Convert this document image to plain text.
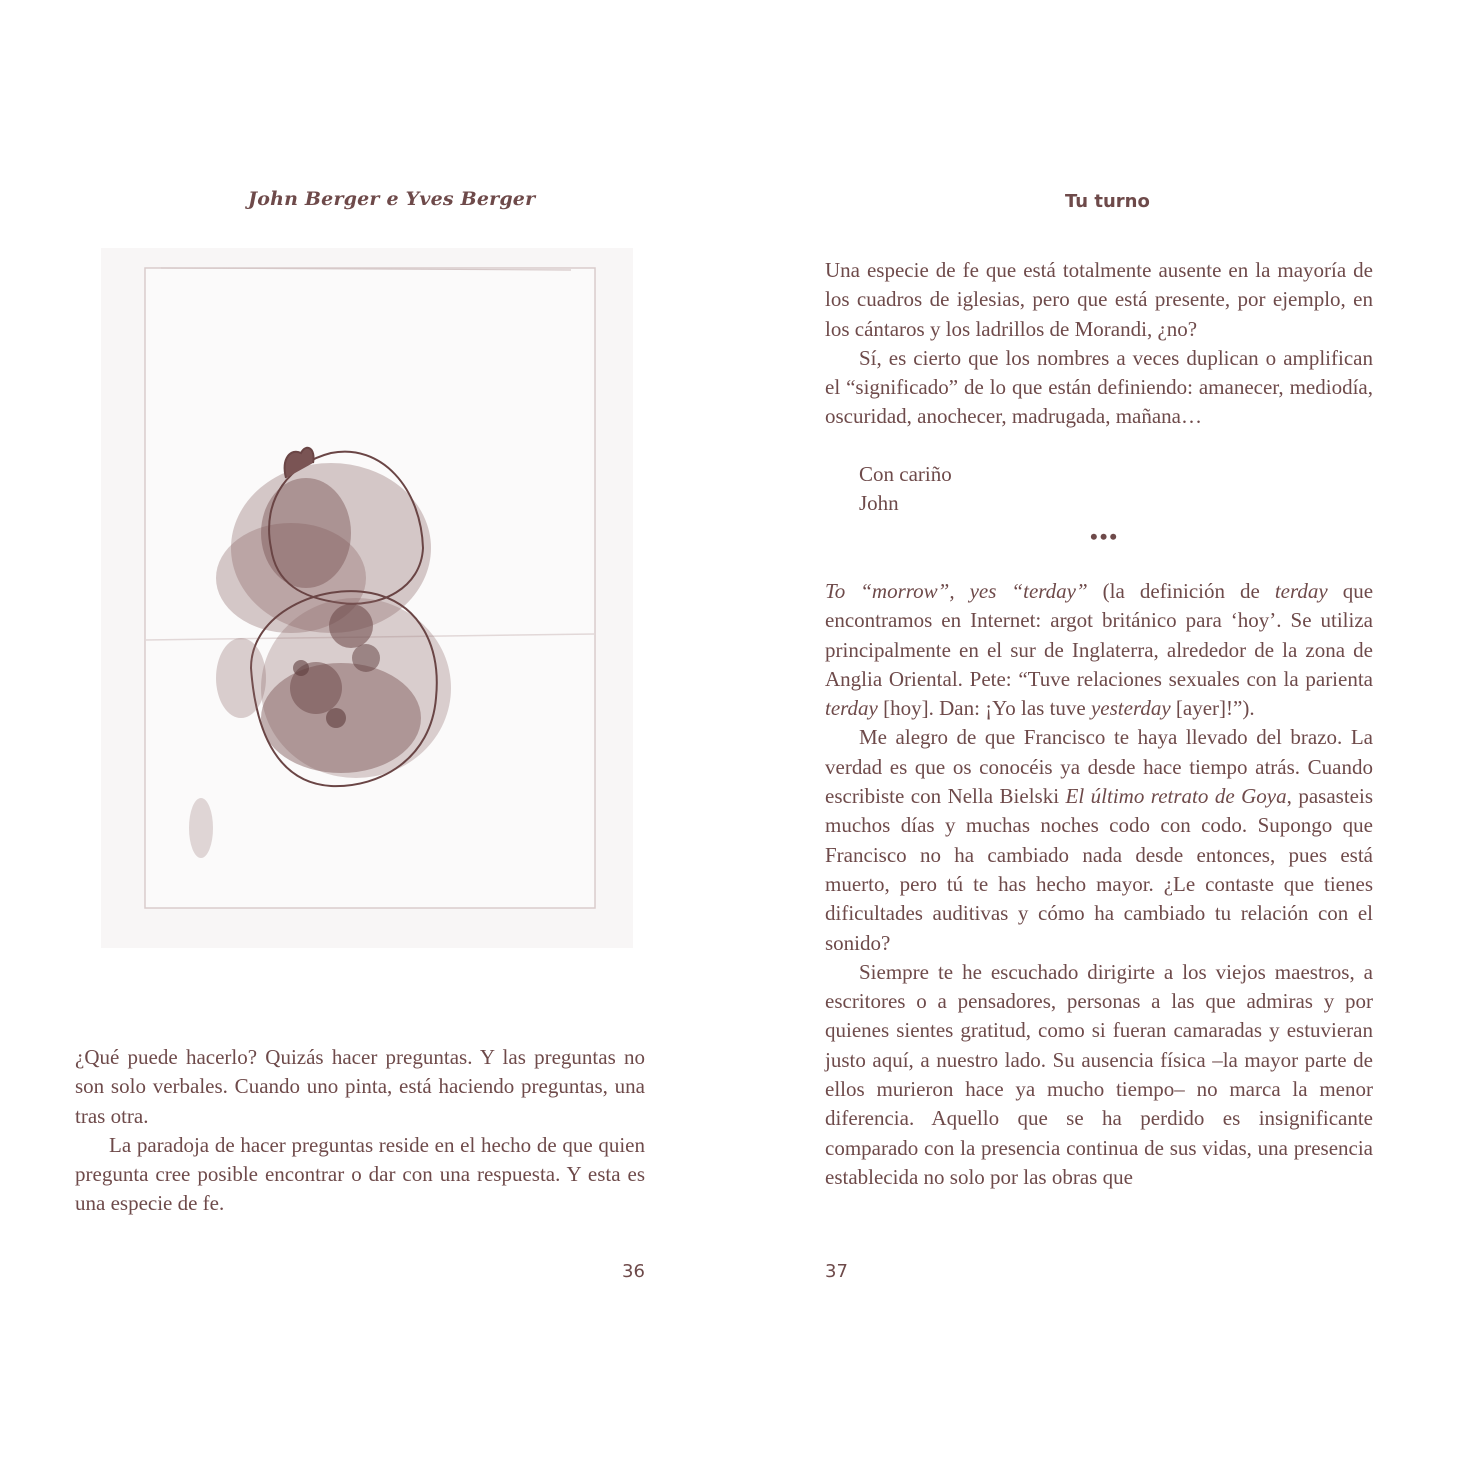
John Berger e Yves Berger

¿Qué puede hacerlo? Quizás hacer preguntas. Y las preguntas no son solo verbales. Cuando uno pinta, está haciendo preguntas, una tras otra.

La paradoja de hacer preguntas reside en el hecho de que quien pregunta cree posible encontrar o dar con una respuesta. Y esta es una especie de fe.

36
Tu turno

Una especie de fe que está totalmente ausente en la mayoría de los cuadros de iglesias, pero que está presente, por ejemplo, en los cántaros y los ladrillos de Morandi, ¿no?

Sí, es cierto que los nombres a veces duplican o amplifican el “significado” de lo que están definiendo: amanecer, mediodía, oscuridad, anochecer, madrugada, mañana…

Con cariño
John
•••

To “morrow”, yes “terday” (la definición de terday que encontramos en Internet: argot británico para ‘hoy’. Se utiliza principalmente en el sur de Inglaterra, alrededor de la zona de Anglia Oriental. Pete: “Tuve relaciones sexuales con la parienta terday [hoy]. Dan: ¡Yo las tuve yesterday [ayer]!”).

Me alegro de que Francisco te haya llevado del brazo. La verdad es que os conocéis ya desde hace tiempo atrás. Cuando escribiste con Nella Bielski El último retrato de Goya, pasasteis muchos días y muchas noches codo con codo. Supongo que Francisco no ha cambiado nada desde entonces, pues está muerto, pero tú te has hecho mayor. ¿Le contaste que tienes dificultades auditivas y cómo ha cambiado tu relación con el sonido?

Siempre te he escuchado dirigirte a los viejos maestros, a escritores o a pensadores, personas a las que admiras y por quienes sientes gratitud, como si fueran camaradas y estuvieran justo aquí, a nuestro lado. Su ausencia física –la mayor parte de ellos murieron hace ya mucho tiempo– no marca la menor diferencia. Aquello que se ha perdido es insignificante comparado con la presencia continua de sus vidas, una presencia establecida no solo por las obras que

37
